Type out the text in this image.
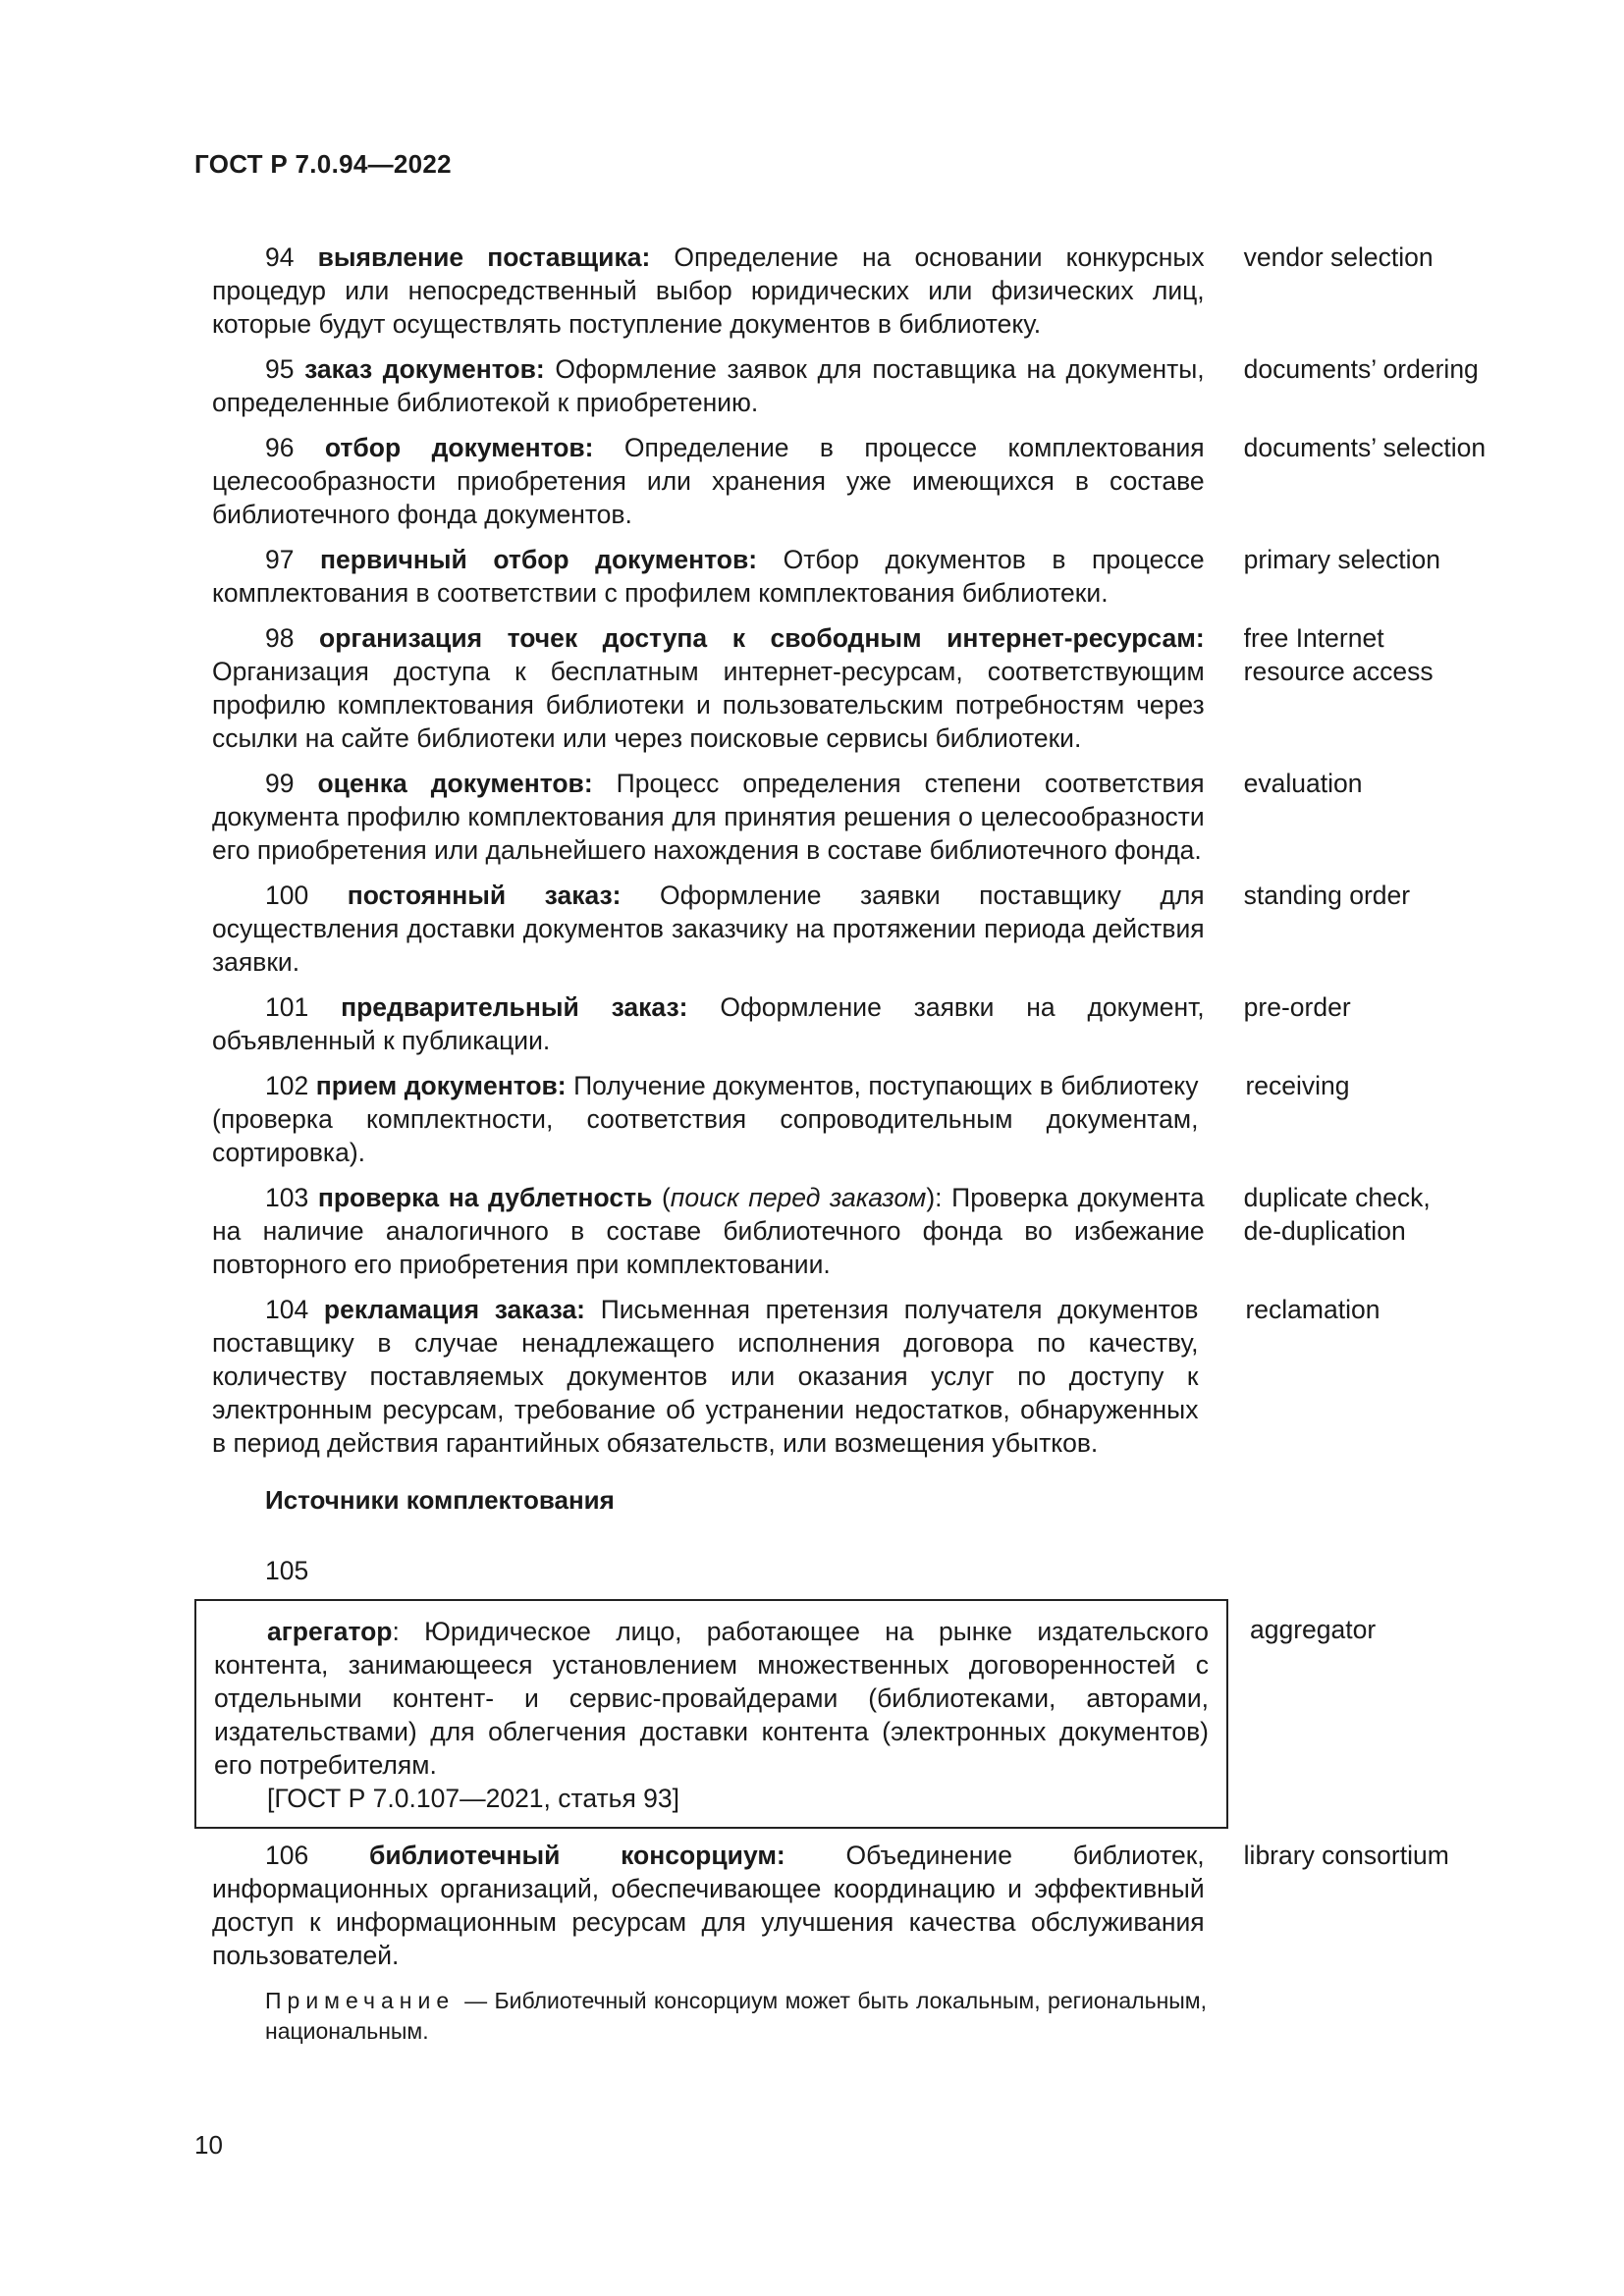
ГОСТ Р 7.0.94—2022
94 выявление поставщика: Определение на основании конкурсных процедур или непосредственный выбор юридических или физических лиц, которые будут осуществлять поступление документов в библиотеку.
vendor selection
95 заказ документов: Оформление заявок для поставщика на документы, определенные библиотекой к приобретению.
documents’ ordering
96 отбор документов: Определение в процессе комплектования целесообразности приобретения или хранения уже имеющихся в составе библиотечного фонда документов.
documents’ selection
97 первичный отбор документов: Отбор документов в процессе комплектования в соответствии с профилем комплектования библиотеки.
primary selection
98 организация точек доступа к свободным интернет-ресурсам: Организация доступа к бесплатным интернет-ресурсам, соответствующим профилю комплектования библиотеки и пользовательским потребностям через ссылки на сайте библиотеки или через поисковые сервисы библиотеки.
free Internet
resource access
99 оценка документов: Процесс определения степени соответствия документа профилю комплектования для принятия решения о целесообразности его приобретения или дальнейшего нахождения в составе библиотечного фонда.
evaluation
100 постоянный заказ: Оформление заявки поставщику для осуществления доставки документов заказчику на протяжении периода действия заявки.
standing order
101 предварительный заказ: Оформление заявки на документ, объявленный к публикации.
pre-order
102 прием документов: Получение документов, поступающих в библиотеку (проверка комплектности, соответствия сопроводительным документам, сортировка).
receiving
103 проверка на дублетность (поиск перед заказом): Проверка документа на наличие аналогичного в составе библиотечного фонда во избежание повторного его приобретения при комплектовании.
duplicate check,
de-duplication
104 рекламация заказа: Письменная претензия получателя документов поставщику в случае ненадлежащего исполнения договора по качеству, количеству поставляемых документов или оказания услуг по доступу к электронным ресурсам, требование об устранении недостатков, обнаруженных в период действия гарантийных обязательств, или возмещения убытков.
reclamation
Источники комплектования
105
агрегатор: Юридическое лицо, работающее на рынке издательского контента, занимающееся установлением множественных договоренностей с отдельными контент- и сервис-провайдерами (библиотеками, авторами, издательствами) для облегчения доставки контента (электронных документов) его потребителям.
[ГОСТ Р 7.0.107—2021, статья 93]
aggregator
106 библиотечный консорциум: Объединение библиотек, информационных организаций, обеспечивающее координацию и эффективный доступ к информационным ресурсам для улучшения качества обслуживания пользователей.
library consortium
Примечание — Библиотечный консорциум может быть локальным, региональным, национальным.
10
